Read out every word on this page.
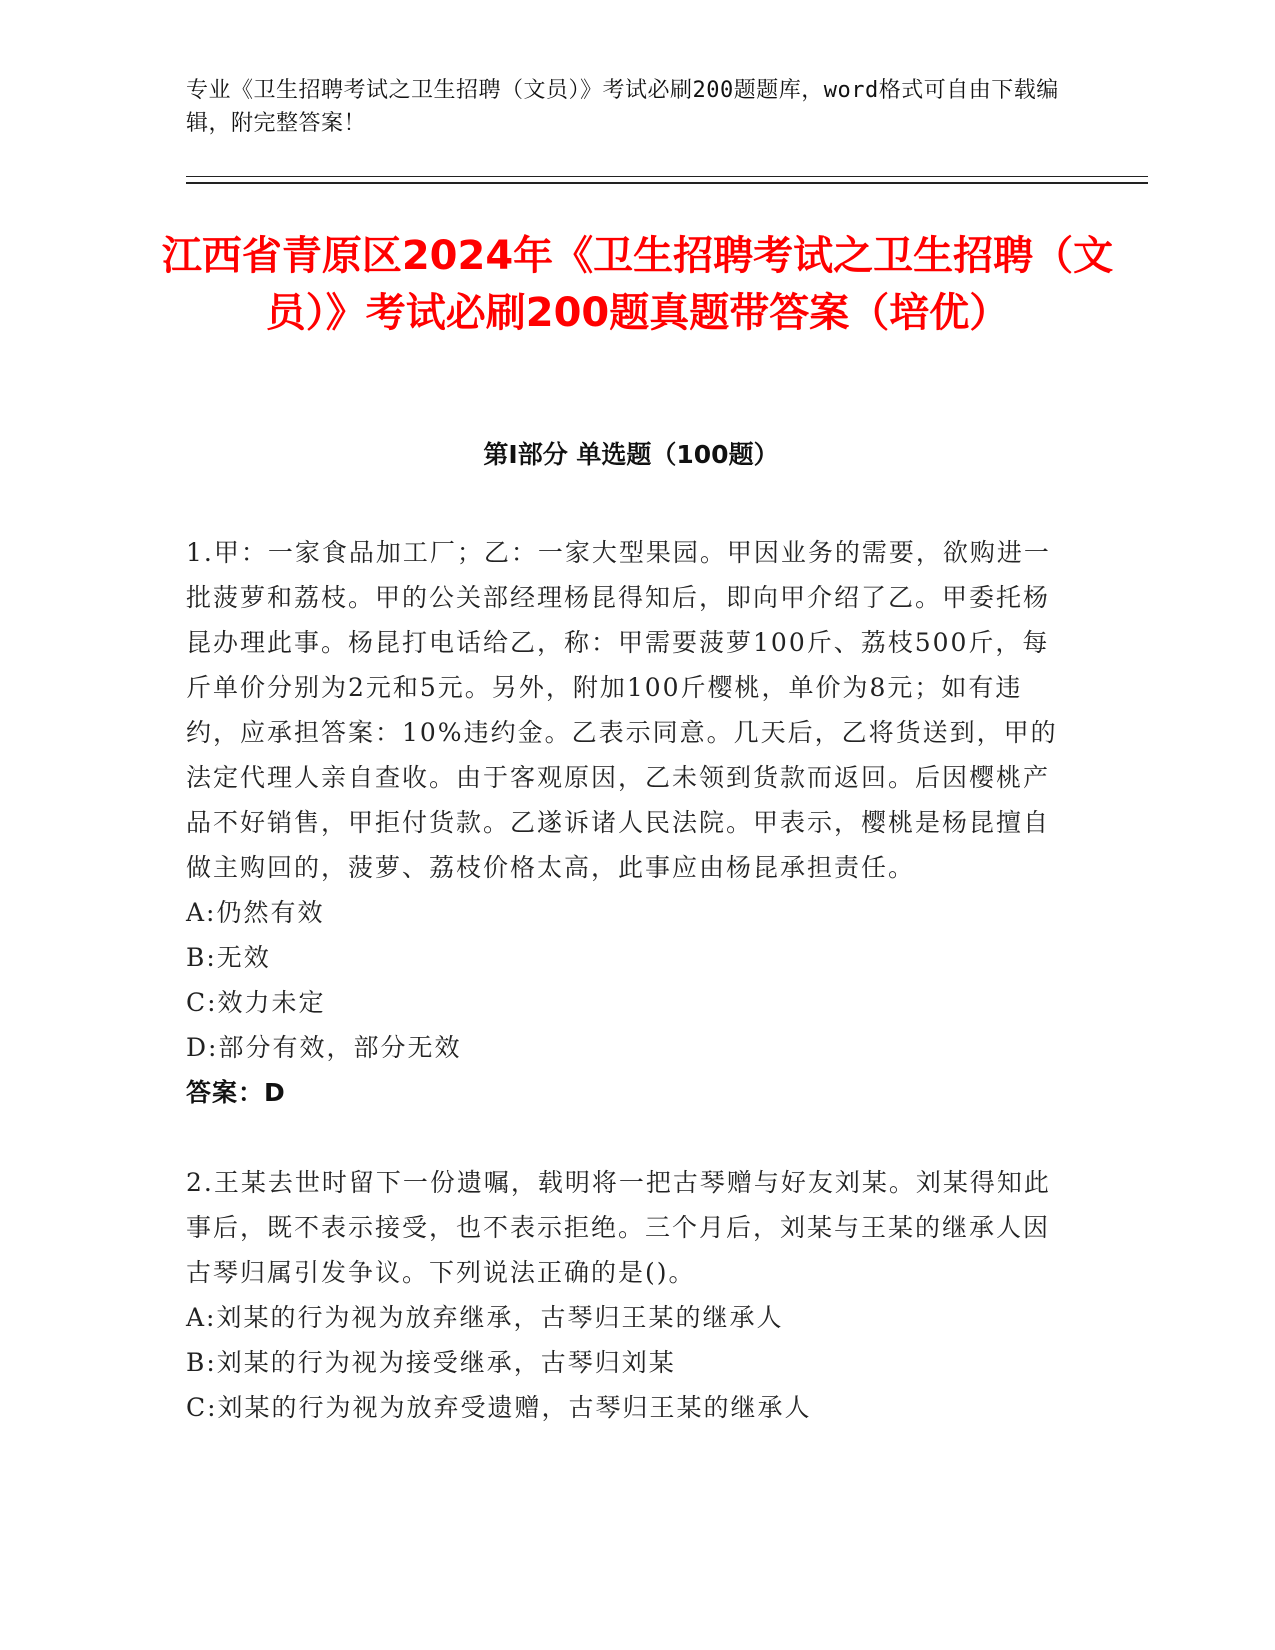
专业《卫生招聘考试之卫生招聘（文员）》考试必刷200题题库，word格式可自由下载编辑，附完整答案！
江西省青原区2024年《卫生招聘考试之卫生招聘（文员）》考试必刷200题真题带答案（培优）
第I部分 单选题（100题）
1.甲：一家食品加工厂；乙：一家大型果园。甲因业务的需要，欲购进一批菠萝和荔枝。甲的公关部经理杨昆得知后，即向甲介绍了乙。甲委托杨昆办理此事。杨昆打电话给乙，称：甲需要菠萝100斤、荔枝500斤，每斤单价分别为2元和5元。另外，附加100斤樱桃，单价为8元；如有违约，应承担答案：10%违约金。乙表示同意。几天后，乙将货送到，甲的法定代理人亲自查收。由于客观原因，乙未领到货款而返回。后因樱桃产品不好销售，甲拒付货款。乙遂诉诸人民法院。甲表示，樱桃是杨昆擅自做主购回的，菠萝、荔枝价格太高，此事应由杨昆承担责任。
A:仍然有效
B:无效
C:效力未定
D:部分有效，部分无效
答案：D
2.王某去世时留下一份遗嘱，载明将一把古琴赠与好友刘某。刘某得知此事后，既不表示接受，也不表示拒绝。三个月后，刘某与王某的继承人因古琴归属引发争议。下列说法正确的是()。
A:刘某的行为视为放弃继承，古琴归王某的继承人
B:刘某的行为视为接受继承，古琴归刘某
C:刘某的行为视为放弃受遗赠，古琴归王某的继承人
